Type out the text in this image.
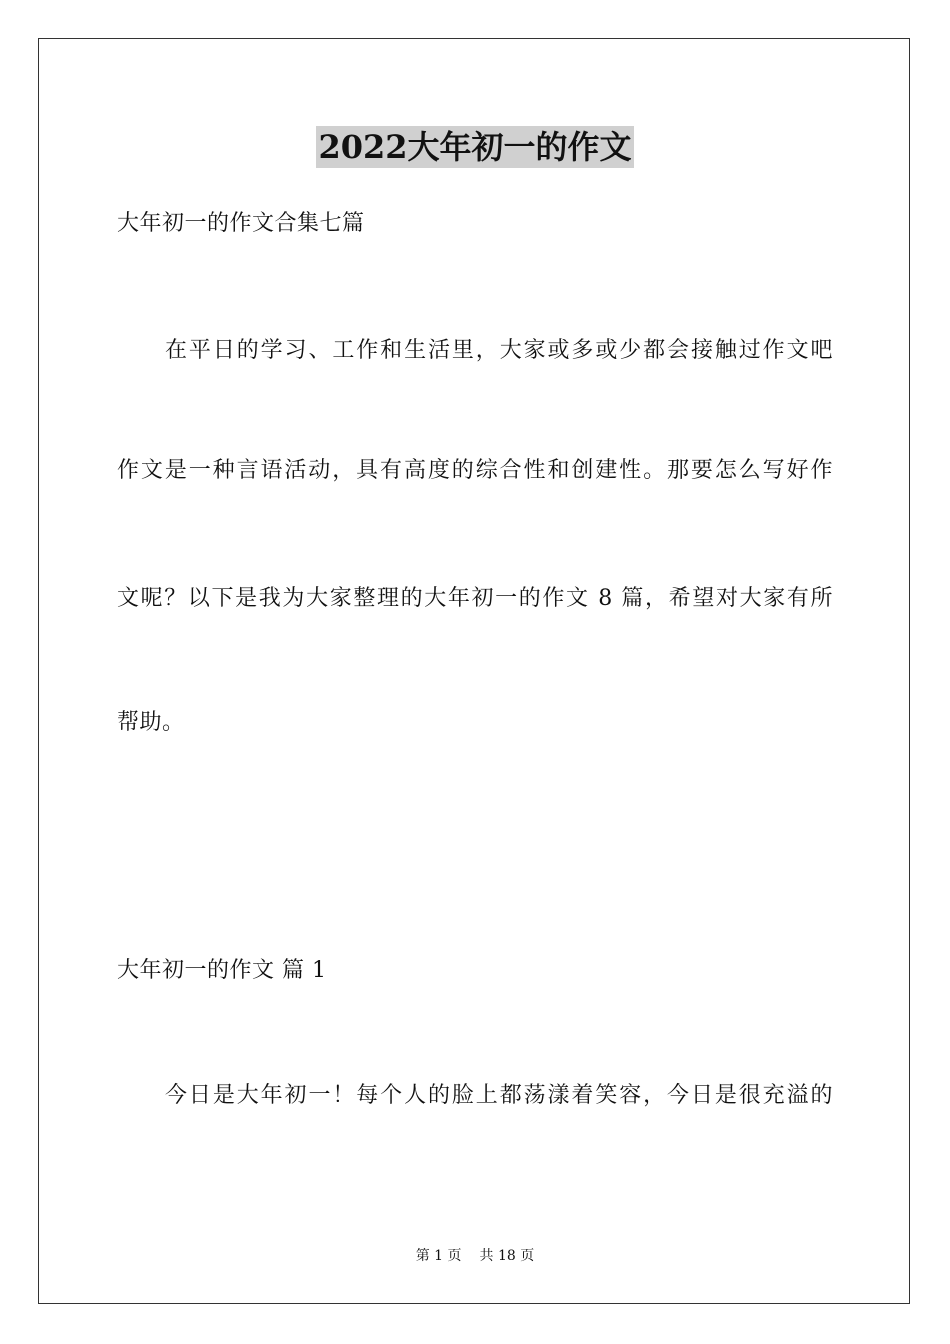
2022大年初一的作文
大年初一的作文合集七篇
在平日的学习、工作和生活里，大家或多或少都会接触过作文吧
作文是一种言语活动，具有高度的综合性和创建性。那要怎么写好作
文呢？以下是我为大家整理的大年初一的作文 8 篇，希望对大家有所
帮助。
大年初一的作文 篇 1
今日是大年初一！每个人的脸上都荡漾着笑容，今日是很充溢的
第 1 页 共 18 页
